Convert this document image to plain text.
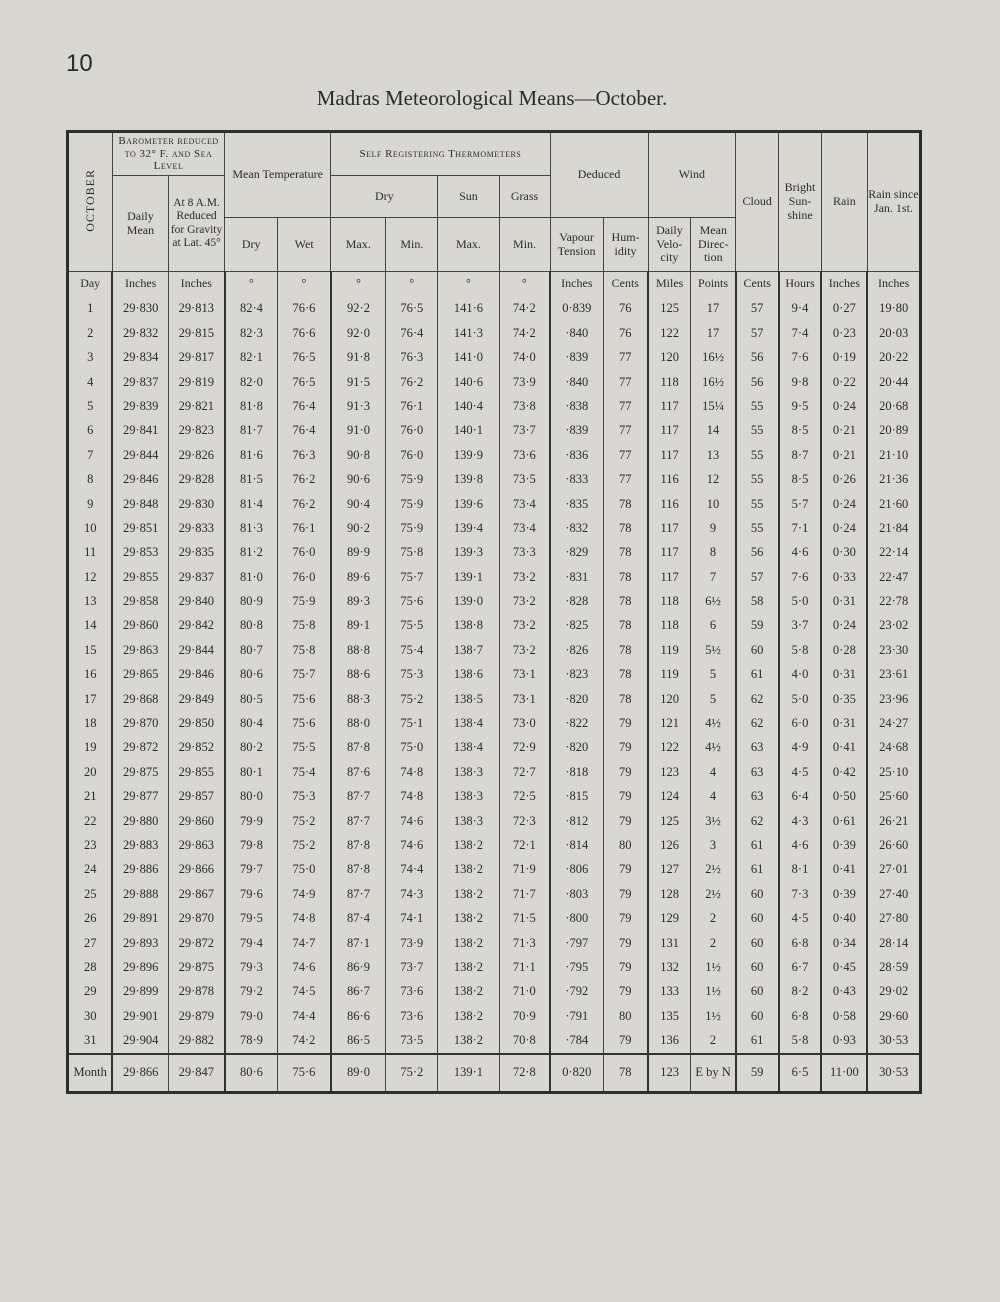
10
Madras Meteorological Means—October.
OCTOBER	Barometer reduced to 32° F. and Sea Level		Mean Temperature		Self Registering Thermometers				Deduced		Wind		Cloud	Bright Sun-shine	Rain	Rain since Jan. 1st.
	Daily Mean	At 8 A.M. Reduced for Gravity at Lat. 45°			Dry		Sun	Grass								
			Dry	Wet	Max.	Min.	Max.	Min.	Vapour Tension	Hum-idity	Daily Velo-city	Mean Direc-tion				
Day	Inches	Inches	°	°	°	°	°	°	Inches	Cents	Miles	Points	Cents	Hours	Inches	Inches
1	29·830	29·813	82·4	76·6	92·2	76·5	141·6	74·2	0·839	76	125	17	57	9·4	0·27	19·80
2	29·832	29·815	82·3	76·6	92·0	76·4	141·3	74·2	·840	76	122	17	57	7·4	0·23	20·03
3	29·834	29·817	82·1	76·5	91·8	76·3	141·0	74·0	·839	77	120	16½	56	7·6	0·19	20·22
4	29·837	29·819	82·0	76·5	91·5	76·2	140·6	73·9	·840	77	118	16½	56	9·8	0·22	20·44
5	29·839	29·821	81·8	76·4	91·3	76·1	140·4	73·8	·838	77	117	15¼	55	9·5	0·24	20·68
6	29·841	29·823	81·7	76·4	91·0	76·0	140·1	73·7	·839	77	117	14	55	8·5	0·21	20·89
7	29·844	29·826	81·6	76·3	90·8	76·0	139·9	73·6	·836	77	117	13	55	8·7	0·21	21·10
8	29·846	29·828	81·5	76·2	90·6	75·9	139·8	73·5	·833	77	116	12	55	8·5	0·26	21·36
9	29·848	29·830	81·4	76·2	90·4	75·9	139·6	73·4	·835	78	116	10	55	5·7	0·24	21·60
10	29·851	29·833	81·3	76·1	90·2	75·9	139·4	73·4	·832	78	117	9	55	7·1	0·24	21·84
11	29·853	29·835	81·2	76·0	89·9	75·8	139·3	73·3	·829	78	117	8	56	4·6	0·30	22·14
12	29·855	29·837	81·0	76·0	89·6	75·7	139·1	73·2	·831	78	117	7	57	7·6	0·33	22·47
13	29·858	29·840	80·9	75·9	89·3	75·6	139·0	73·2	·828	78	118	6½	58	5·0	0·31	22·78
14	29·860	29·842	80·8	75·8	89·1	75·5	138·8	73·2	·825	78	118	6	59	3·7	0·24	23·02
15	29·863	29·844	80·7	75·8	88·8	75·4	138·7	73·2	·826	78	119	5½	60	5·8	0·28	23·30
16	29·865	29·846	80·6	75·7	88·6	75·3	138·6	73·1	·823	78	119	5	61	4·0	0·31	23·61
17	29·868	29·849	80·5	75·6	88·3	75·2	138·5	73·1	·820	78	120	5	62	5·0	0·35	23·96
18	29·870	29·850	80·4	75·6	88·0	75·1	138·4	73·0	·822	79	121	4½	62	6·0	0·31	24·27
19	29·872	29·852	80·2	75·5	87·8	75·0	138·4	72·9	·820	79	122	4½	63	4·9	0·41	24·68
20	29·875	29·855	80·1	75·4	87·6	74·8	138·3	72·7	·818	79	123	4	63	4·5	0·42	25·10
21	29·877	29·857	80·0	75·3	87·7	74·8	138·3	72·5	·815	79	124	4	63	6·4	0·50	25·60
22	29·880	29·860	79·9	75·2	87·7	74·6	138·3	72·3	·812	79	125	3½	62	4·3	0·61	26·21
23	29·883	29·863	79·8	75·2	87·8	74·6	138·2	72·1	·814	80	126	3	61	4·6	0·39	26·60
24	29·886	29·866	79·7	75·0	87·8	74·4	138·2	71·9	·806	79	127	2½	61	8·1	0·41	27·01
25	29·888	29·867	79·6	74·9	87·7	74·3	138·2	71·7	·803	79	128	2½	60	7·3	0·39	27·40
26	29·891	29·870	79·5	74·8	87·4	74·1	138·2	71·5	·800	79	129	2	60	4·5	0·40	27·80
27	29·893	29·872	79·4	74·7	87·1	73·9	138·2	71·3	·797	79	131	2	60	6·8	0·34	28·14
28	29·896	29·875	79·3	74·6	86·9	73·7	138·2	71·1	·795	79	132	1½	60	6·7	0·45	28·59
29	29·899	29·878	79·2	74·5	86·7	73·6	138·2	71·0	·792	79	133	1½	60	8·2	0·43	29·02
30	29·901	29·879	79·0	74·4	86·6	73·6	138·2	70·9	·791	80	135	1½	60	6·8	0·58	29·60
31	29·904	29·882	78·9	74·2	86·5	73·5	138·2	70·8	·784	79	136	2	61	5·8	0·93	30·53
Month	29·866	29·847	80·6	75·6	89·0	75·2	139·1	72·8	0·820	78	123	E by N	59	6·5	11·00	30·53
